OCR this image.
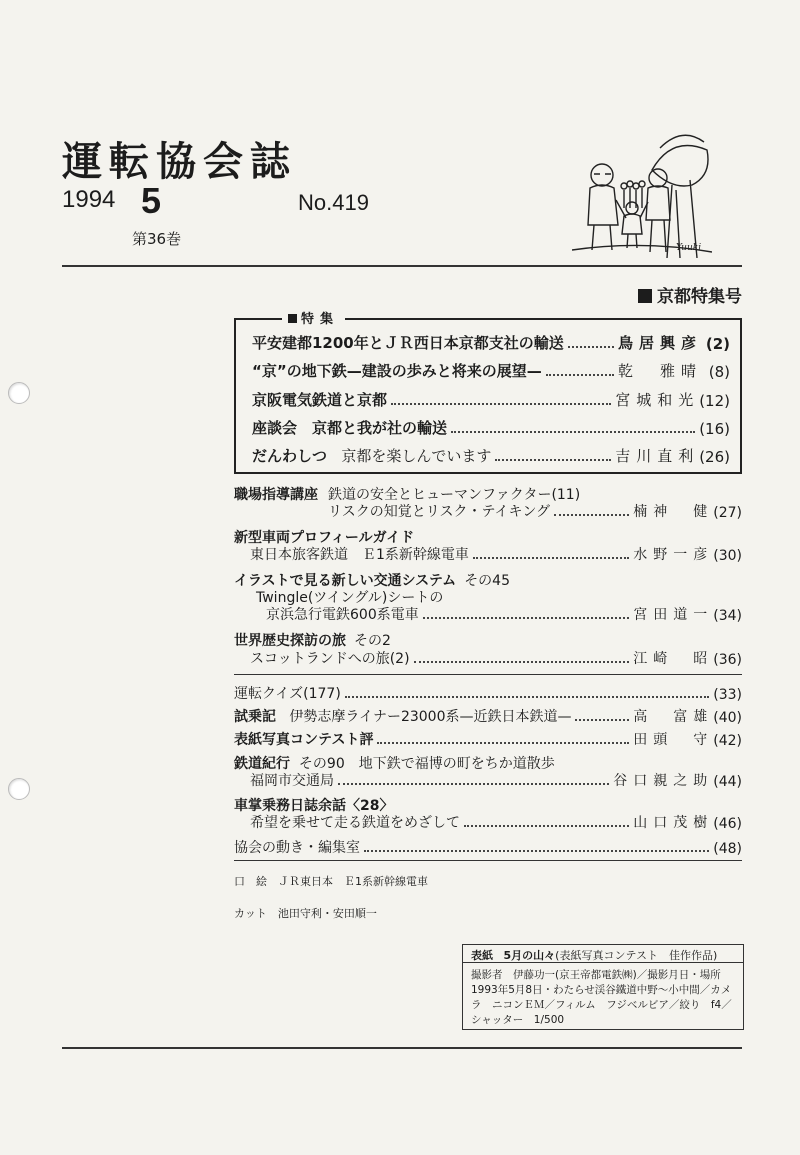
運転協会誌
1994 5	No.419
第36巻	Yuuki
京都特集号
平安建都1200年とＪＲ西日本京都支社の輸送	鳥居興彦 (2)
“京”の地下鉄—建設の歩みと将来の展望—	乾　雅晴 (8)
京阪電気鉄道と京都	宮城和光 (12)
座談会　京都と我が社の輸送	(16)
だんわしつ
京都を楽しんでいます	吉川直利 (26)
特集
職場指導講座 鉄道の安全とヒューマンファクター(11)
リスクの知覚とリスク・テイキング	楠神　健 (27)
新型車両プロフィールガイド
東日本旅客鉄道　Ｅ1系新幹線電車	水野一彦 (30)
イラストで見る新しい交通システム その45
Twingle(ツイングル)シートの
京浜急行電鉄600系電車	宮田道一 (34)
世界歴史探訪の旅 その2
スコットランドへの旅(2)	江崎　昭 (36)
運転クイズ(177)	(33)
試乗記
伊勢志摩ライナー23000系—近鉄日本鉄道—	高　富雄 (40)
表紙写真コンテスト評	田頭　守 (42)
鉄道紀行 その90　地下鉄で福博の町をちか道散歩
福岡市交通局	谷口親之助 (44)
車掌乗務日誌余話〈28〉
希望を乗せて走る鉄道をめざして	山口茂樹 (46)
協会の動き・編集室	(48)
口　絵　ＪＲ東日本　Ｅ1系新幹線電車
カット　池田守利・安田順一
表紙 5月の山々(表紙写真コンテスト　佳作作品)
撮影者　伊藤功一(京王帝都電鉄㈱)／撮影月日・場所
1993年5月8日・わたらせ渓谷鐵道中野～小中間／カメ
ラ　ニコンＥＭ／フィルム　フジベルビア／絞り　f4／
シャッター　1/500
